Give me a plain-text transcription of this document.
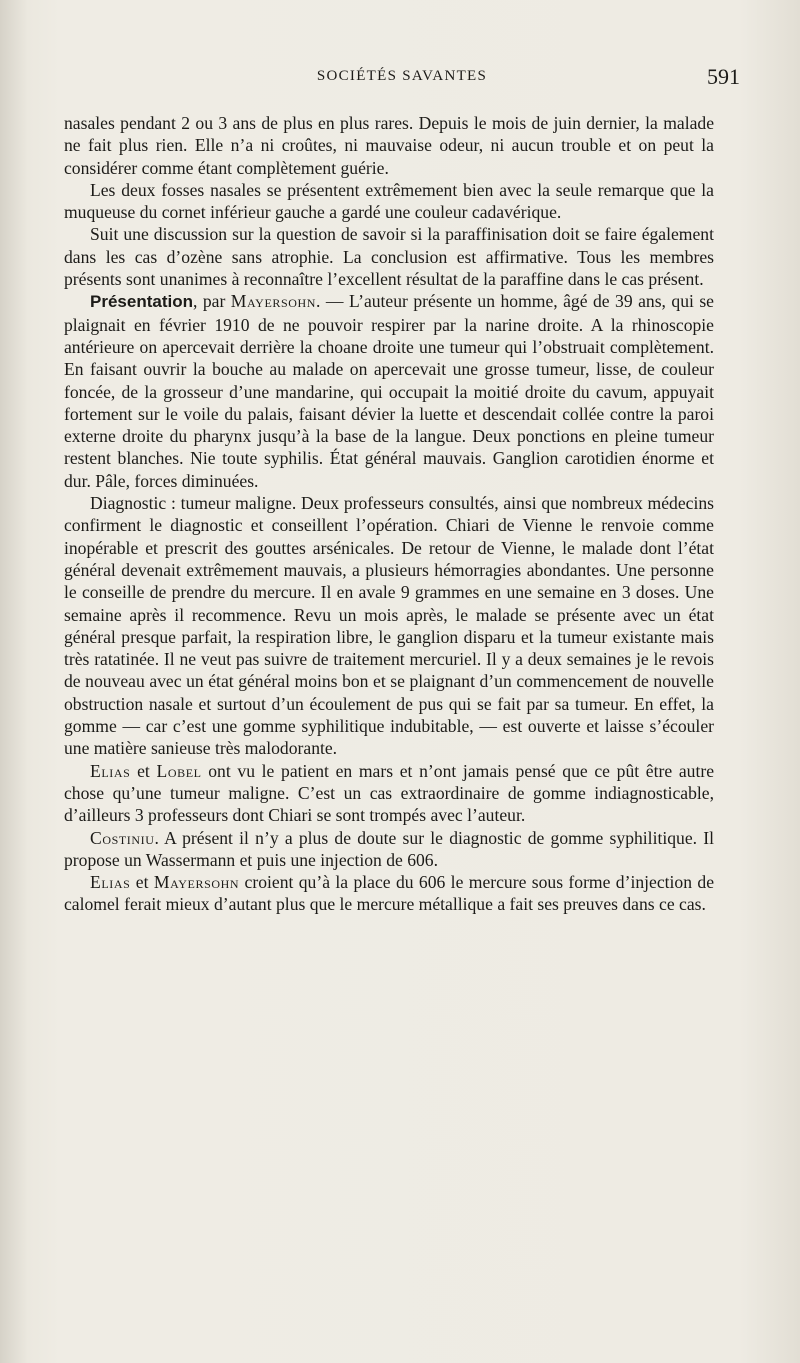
SOCIÉTÉS SAVANTES	591

nasales pendant 2 ou 3 ans de plus en plus rares. Depuis le mois de juin dernier, la malade ne fait plus rien. Elle n’a ni croûtes, ni mauvaise odeur, ni aucun trouble et on peut la considérer comme étant complètement guérie.

Les deux fosses nasales se présentent extrêmement bien avec la seule remarque que la muqueuse du cornet inférieur gauche a gardé une couleur cadavérique.

Suit une discussion sur la question de savoir si la paraffinisation doit se faire également dans les cas d’ozène sans atrophie. La conclusion est affirmative. Tous les membres présents sont unanimes à reconnaître l’excellent résultat de la paraffine dans le cas présent.

Présentation, par Mayersohn. — L’auteur présente un homme, âgé de 39 ans, qui se plaignait en février 1910 de ne pouvoir respirer par la narine droite. A la rhinoscopie antérieure on apercevait derrière la choane droite une tumeur qui l’obstruait complètement. En faisant ouvrir la bouche au malade on apercevait une grosse tumeur, lisse, de couleur foncée, de la grosseur d’une mandarine, qui occupait la moitié droite du cavum, appuyait fortement sur le voile du palais, faisant dévier la luette et descendait collée contre la paroi externe droite du pharynx jusqu’à la base de la langue. Deux ponctions en pleine tumeur restent blanches. Nie toute syphilis. État général mauvais. Ganglion carotidien énorme et dur. Pâle, forces diminuées.

Diagnostic : tumeur maligne. Deux professeurs consultés, ainsi que nombreux médecins confirment le diagnostic et conseillent l’opération. Chiari de Vienne le renvoie comme inopérable et prescrit des gouttes arsénicales. De retour de Vienne, le malade dont l’état général devenait extrêmement mauvais, a plusieurs hémorragies abondantes. Une personne le conseille de prendre du mercure. Il en avale 9 grammes en une semaine en 3 doses. Une semaine après il recommence. Revu un mois après, le malade se présente avec un état général presque parfait, la respiration libre, le ganglion disparu et la tumeur existante mais très ratatinée. Il ne veut pas suivre de traitement mercuriel. Il y a deux semaines je le revois de nouveau avec un état général moins bon et se plaignant d’un commencement de nouvelle obstruction nasale et surtout d’un écoulement de pus qui se fait par sa tumeur. En effet, la gomme — car c’est une gomme syphilitique indubitable, — est ouverte et laisse s’écouler une matière sanieuse très malodorante.

Elias et Lobel ont vu le patient en mars et n’ont jamais pensé que ce pût être autre chose qu’une tumeur maligne. C’est un cas extraordinaire de gomme indiagnosticable, d’ailleurs 3 professeurs dont Chiari se sont trompés avec l’auteur.

Costiniu. A présent il n’y a plus de doute sur le diagnostic de gomme syphilitique. Il propose un Wassermann et puis une injection de 606.

Elias et Mayersohn croient qu’à la place du 606 le mercure sous forme d’injection de calomel ferait mieux d’autant plus que le mercure métallique a fait ses preuves dans ce cas.
